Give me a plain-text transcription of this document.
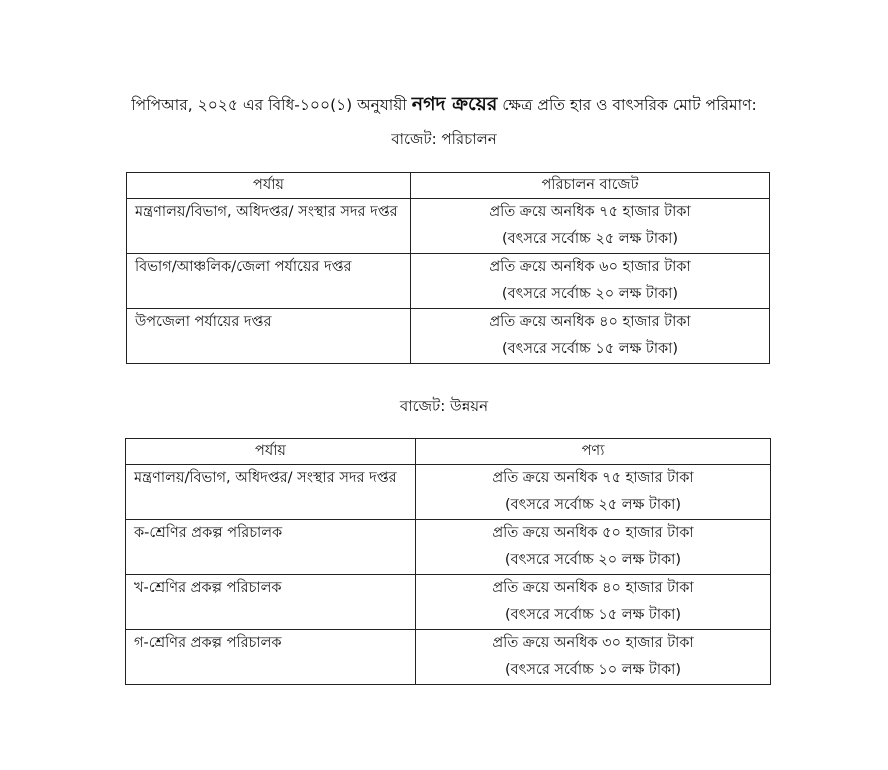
পিপিআর, ২০২৫ এর বিধি-১০০(১) অনুযায়ী নগদ ক্রয়ের ক্ষেত্র প্রতি হার ও বাৎসরিক মোট পরিমাণ:
বাজেট: পরিচালন
পর্যায়	পরিচালন বাজেট
মন্ত্রণালয়/বিভাগ, অধিদপ্তর/ সংস্থার সদর দপ্তর	প্রতি ক্রয়ে অনধিক ৭৫ হাজার টাকা
(বৎসরে সর্বোচ্চ ২৫ লক্ষ টাকা)

বিভাগ/আঞ্চলিক/জেলা পর্যায়ের দপ্তর	প্রতি ক্রয়ে অনধিক ৬০ হাজার টাকা
(বৎসরে সর্বোচ্চ ২০ লক্ষ টাকা)

উপজেলা পর্যায়ের দপ্তর	প্রতি ক্রয়ে অনধিক ৪০ হাজার টাকা
(বৎসরে সর্বোচ্চ ১৫ লক্ষ টাকা)
বাজেট: উন্নয়ন
পর্যায়	পণ্য
মন্ত্রণালয়/বিভাগ, অধিদপ্তর/ সংস্থার সদর দপ্তর	প্রতি ক্রয়ে অনধিক ৭৫ হাজার টাকা
(বৎসরে সর্বোচ্চ ২৫ লক্ষ টাকা)

ক-শ্রেণির প্রকল্প পরিচালক	প্রতি ক্রয়ে অনধিক ৫০ হাজার টাকা
(বৎসরে সর্বোচ্চ ২০ লক্ষ টাকা)

খ-শ্রেণির প্রকল্প পরিচালক	প্রতি ক্রয়ে অনধিক ৪০ হাজার টাকা
(বৎসরে সর্বোচ্চ ১৫ লক্ষ টাকা)

গ-শ্রেণির প্রকল্প পরিচালক	প্রতি ক্রয়ে অনধিক ৩০ হাজার টাকা
(বৎসরে সর্বোচ্চ ১০ লক্ষ টাকা)
